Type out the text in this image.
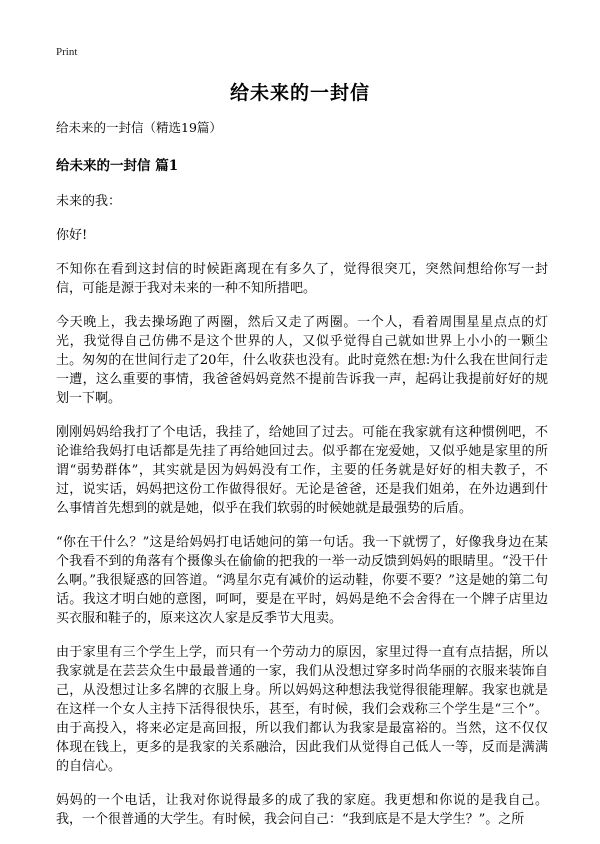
Print
给未来的一封信

给未来的一封信（精选19篇）

给未来的一封信 篇1

未来的我：

你好!

不知你在看到这封信的时候距离现在有多久了，觉得很突兀，突然间想给你写一封信，可能是源于我对未来的一种不知所措吧。

今天晚上，我去操场跑了两圈，然后又走了两圈。一个人，看着周围星星点点的灯光，我觉得自己仿佛不是这个世界的人，又似乎觉得自己就如世界上小小的一颗尘土。匆匆的在世间行走了20年，什么收获也没有。此时竟然在想:为什么我在世间行走一遭，这么重要的事情，我爸爸妈妈竟然不提前告诉我一声，起码让我提前好好的规划一下啊。

刚刚妈妈给我打了个电话，我挂了，给她回了过去。可能在我家就有这种惯例吧，不论谁给我妈打电话都是先挂了再给她回过去。似乎都在宠爱她，又似乎她是家里的所谓“弱势群体”，其实就是因为妈妈没有工作，主要的任务就是好好的相夫教子，不过，说实话，妈妈把这份工作做得很好。无论是爸爸，还是我们姐弟，在外边遇到什么事情首先想到的就是她，似乎在我们软弱的时候她就是最强势的后盾。

“你在干什么？”这是给妈妈打电话她问的第一句话。我一下就愣了，好像我身边在某个我看不到的角落有个摄像头在偷偷的把我的一举一动反馈到妈妈的眼睛里。“没干什么啊。”我很疑惑的回答道。“鸿星尔克有减价的运动鞋，你要不要？”这是她的第二句话。我这才明白她的意图，呵呵，要是在平时，妈妈是绝不会舍得在一个牌子店里边买衣服和鞋子的，原来这次人家是反季节大甩卖。

由于家里有三个学生上学，而只有一个劳动力的原因，家里过得一直有点拮据，所以我家就是在芸芸众生中最最普通的一家，我们从没想过穿多时尚华丽的衣服来装饰自己，从没想过让多名牌的衣服上身。所以妈妈这种想法我觉得很能理解。我家也就是在这样一个女人主持下活得很快乐，甚至，有时候，我们会戏称三个学生是“三个”。由于高投入，将来必定是高回报，所以我们都认为我家是最富裕的。当然，这不仅仅体现在钱上，更多的是我家的关系融洽，因此我们从觉得自己低人一等，反而是满满的自信心。

妈妈的一个电话，让我对你说得最多的成了我的家庭。我更想和你说的是我自己。我，一个很普通的大学生。有时候，我会问自己：“我到底是不是大学生？”。之所
